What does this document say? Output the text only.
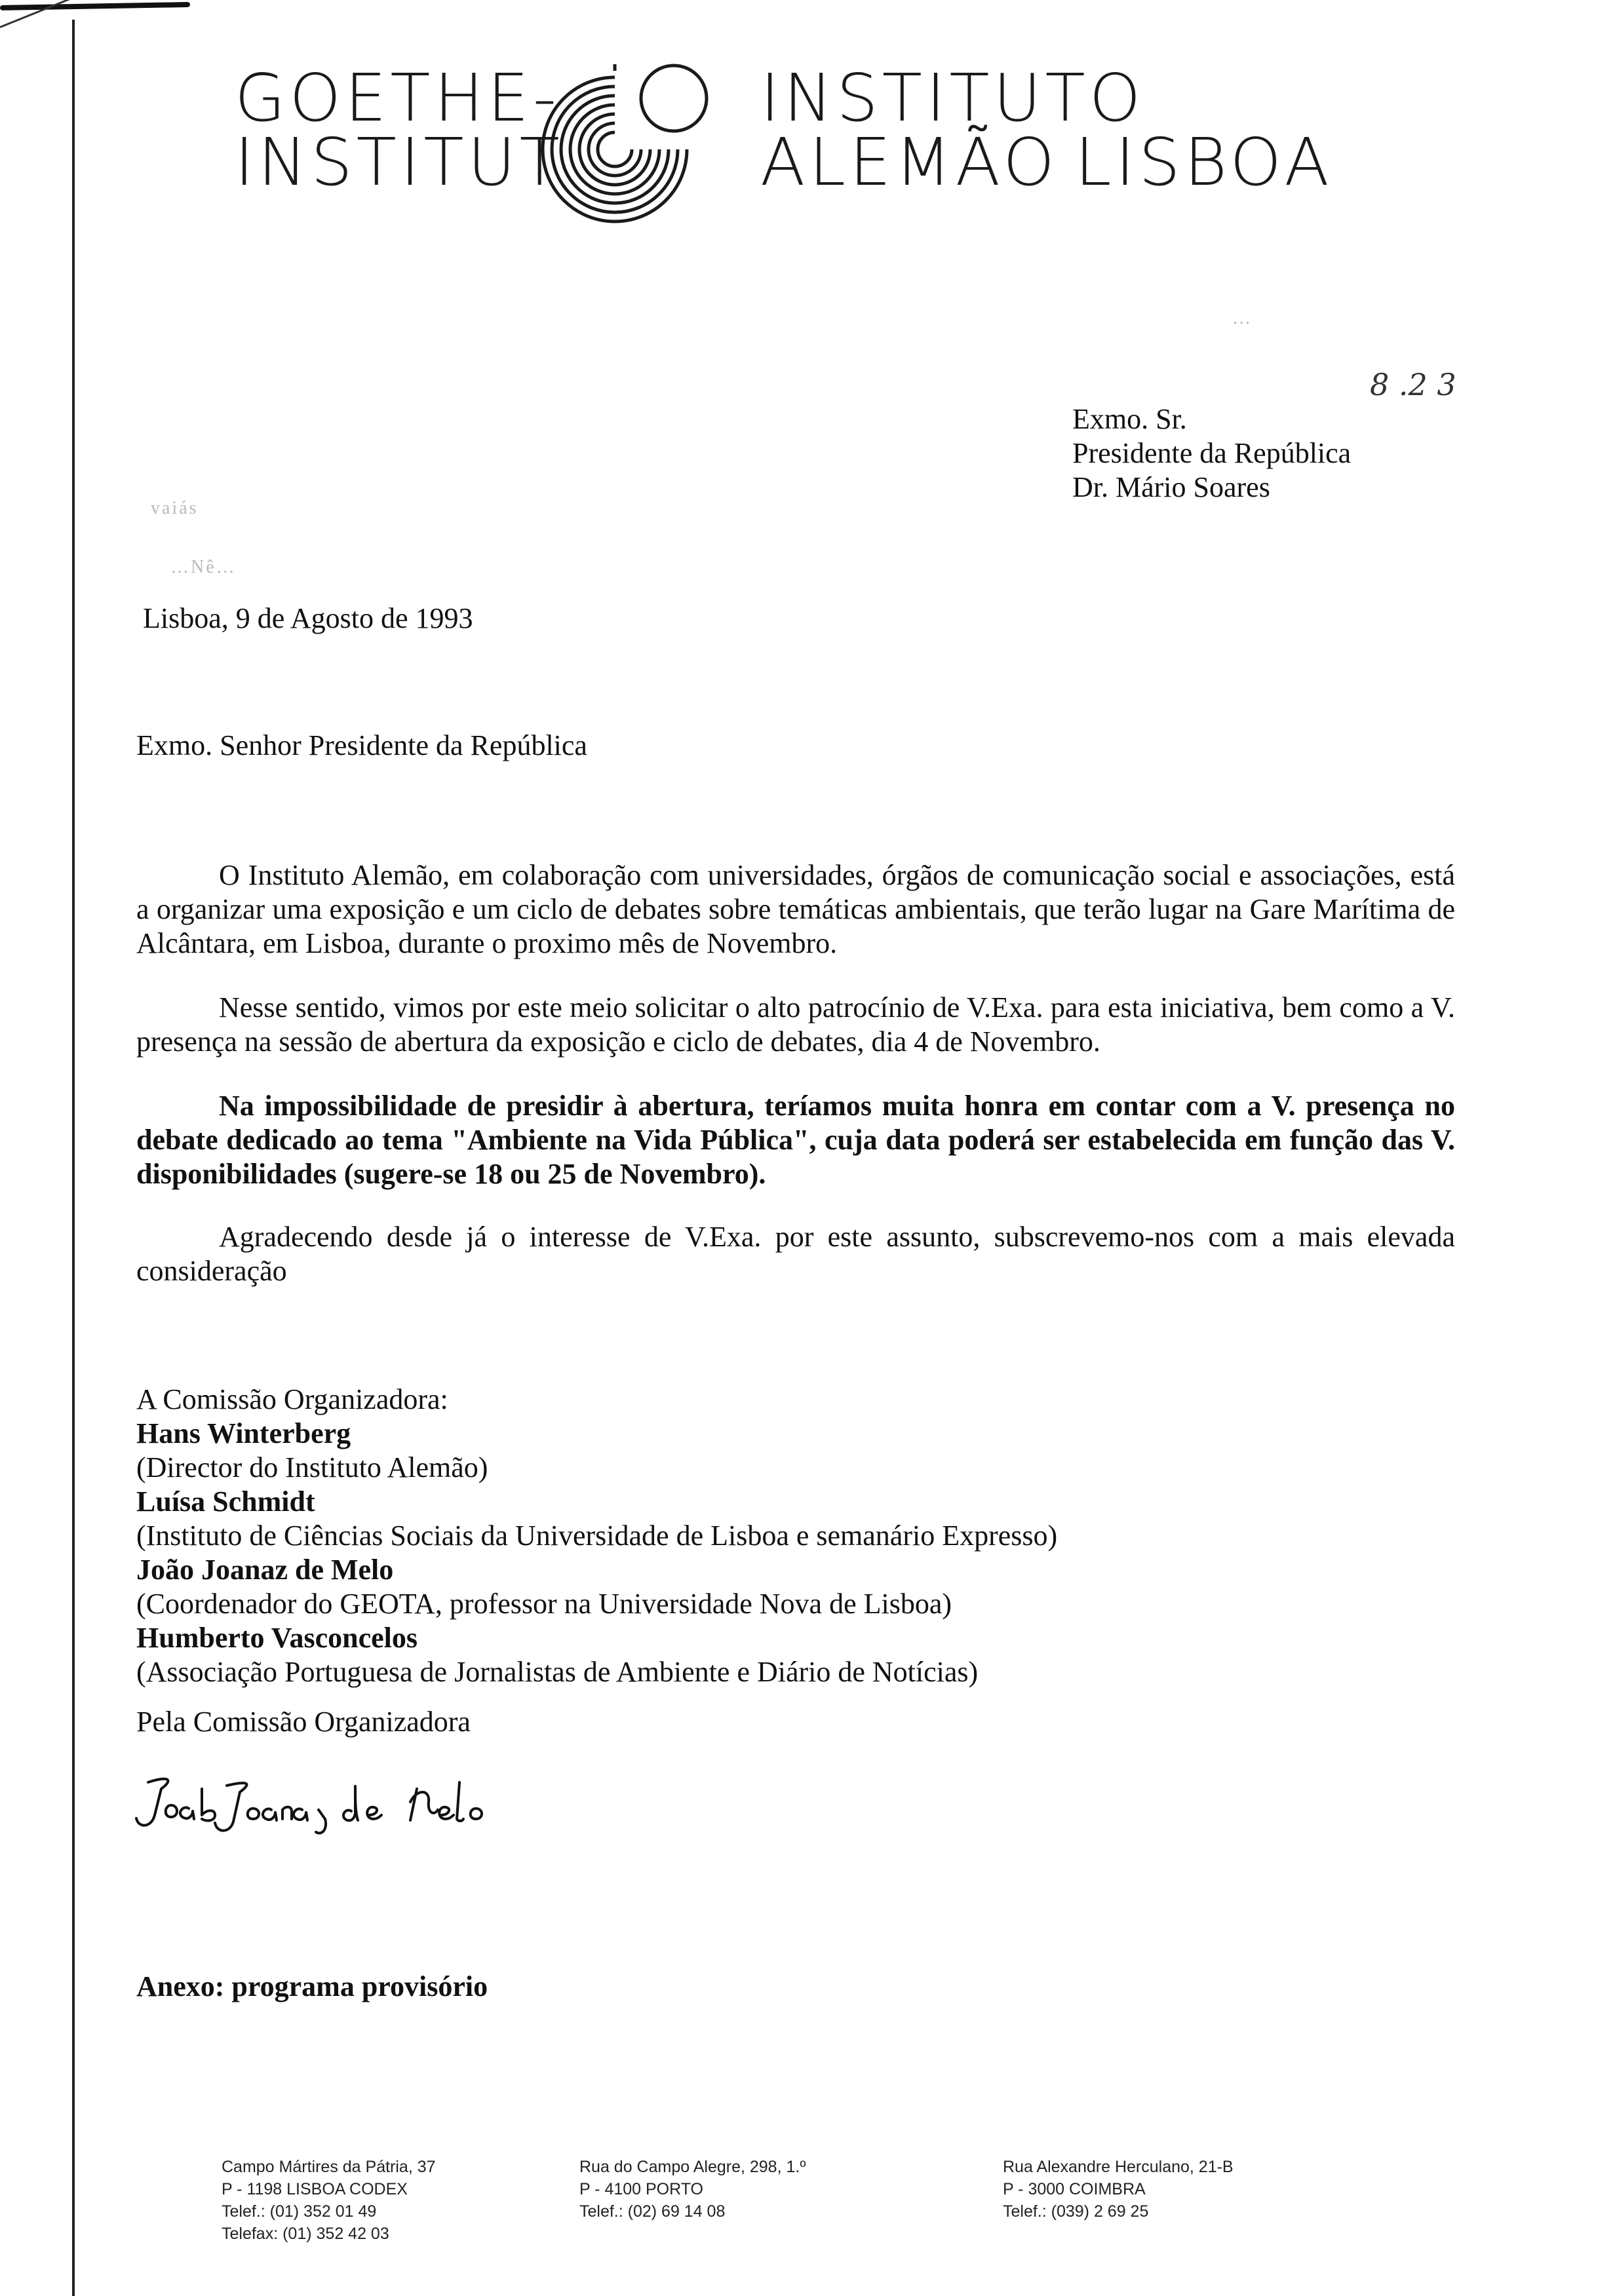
GOETHE-
INSTITUT
INSTITUTO
ALEMÃO LISBOA
…
vaiás
…Nê…
8 .2 3
Exmo. Sr.
Presidente da República
Dr. Mário Soares
Lisboa, 9 de Agosto de 1993
Exmo. Senhor Presidente da República
O Instituto Alemão, em colaboração com universidades, órgãos de comunicação social e associações, está a organizar uma exposição e um ciclo de debates sobre temáticas ambientais, que terão lugar na Gare Marítima de Alcântara, em Lisboa, durante o proximo mês de Novembro.
Nesse sentido, vimos por este meio solicitar o alto patrocínio de V.Exa. para esta iniciativa, bem como a V. presença na sessão de abertura da exposição e ciclo de debates, dia 4 de Novembro.
Na impossibilidade de presidir à abertura, teríamos muita honra em contar com a V. presença no debate dedicado ao tema "Ambiente na Vida Pública", cuja data poderá ser estabelecida em função das V. disponibilidades (sugere-se 18 ou 25 de Novembro).
Agradecendo desde já o interesse de V.Exa. por este assunto, subscrevemo-nos com a mais elevada consideração
A Comissão Organizadora:
Hans Winterberg
(Director do Instituto Alemão)
Luísa Schmidt
(Instituto de Ciências Sociais da Universidade de Lisboa e semanário Expresso)
João Joanaz de Melo
(Coordenador do GEOTA, professor na Universidade Nova de Lisboa)
Humberto Vasconcelos
(Associação Portuguesa de Jornalistas de Ambiente e Diário de Notícias)
Pela Comissão Organizadora
Anexo: programa provisório
Campo Mártires da Pátria, 37
P - 1198 LISBOA CODEX
Telef.: (01) 352 01 49
Telefax: (01) 352 42 03
Rua do Campo Alegre, 298, 1.º
P - 4100 PORTO
Telef.: (02) 69 14 08
Rua Alexandre Herculano, 21-B
P - 3000 COIMBRA
Telef.: (039) 2 69 25
